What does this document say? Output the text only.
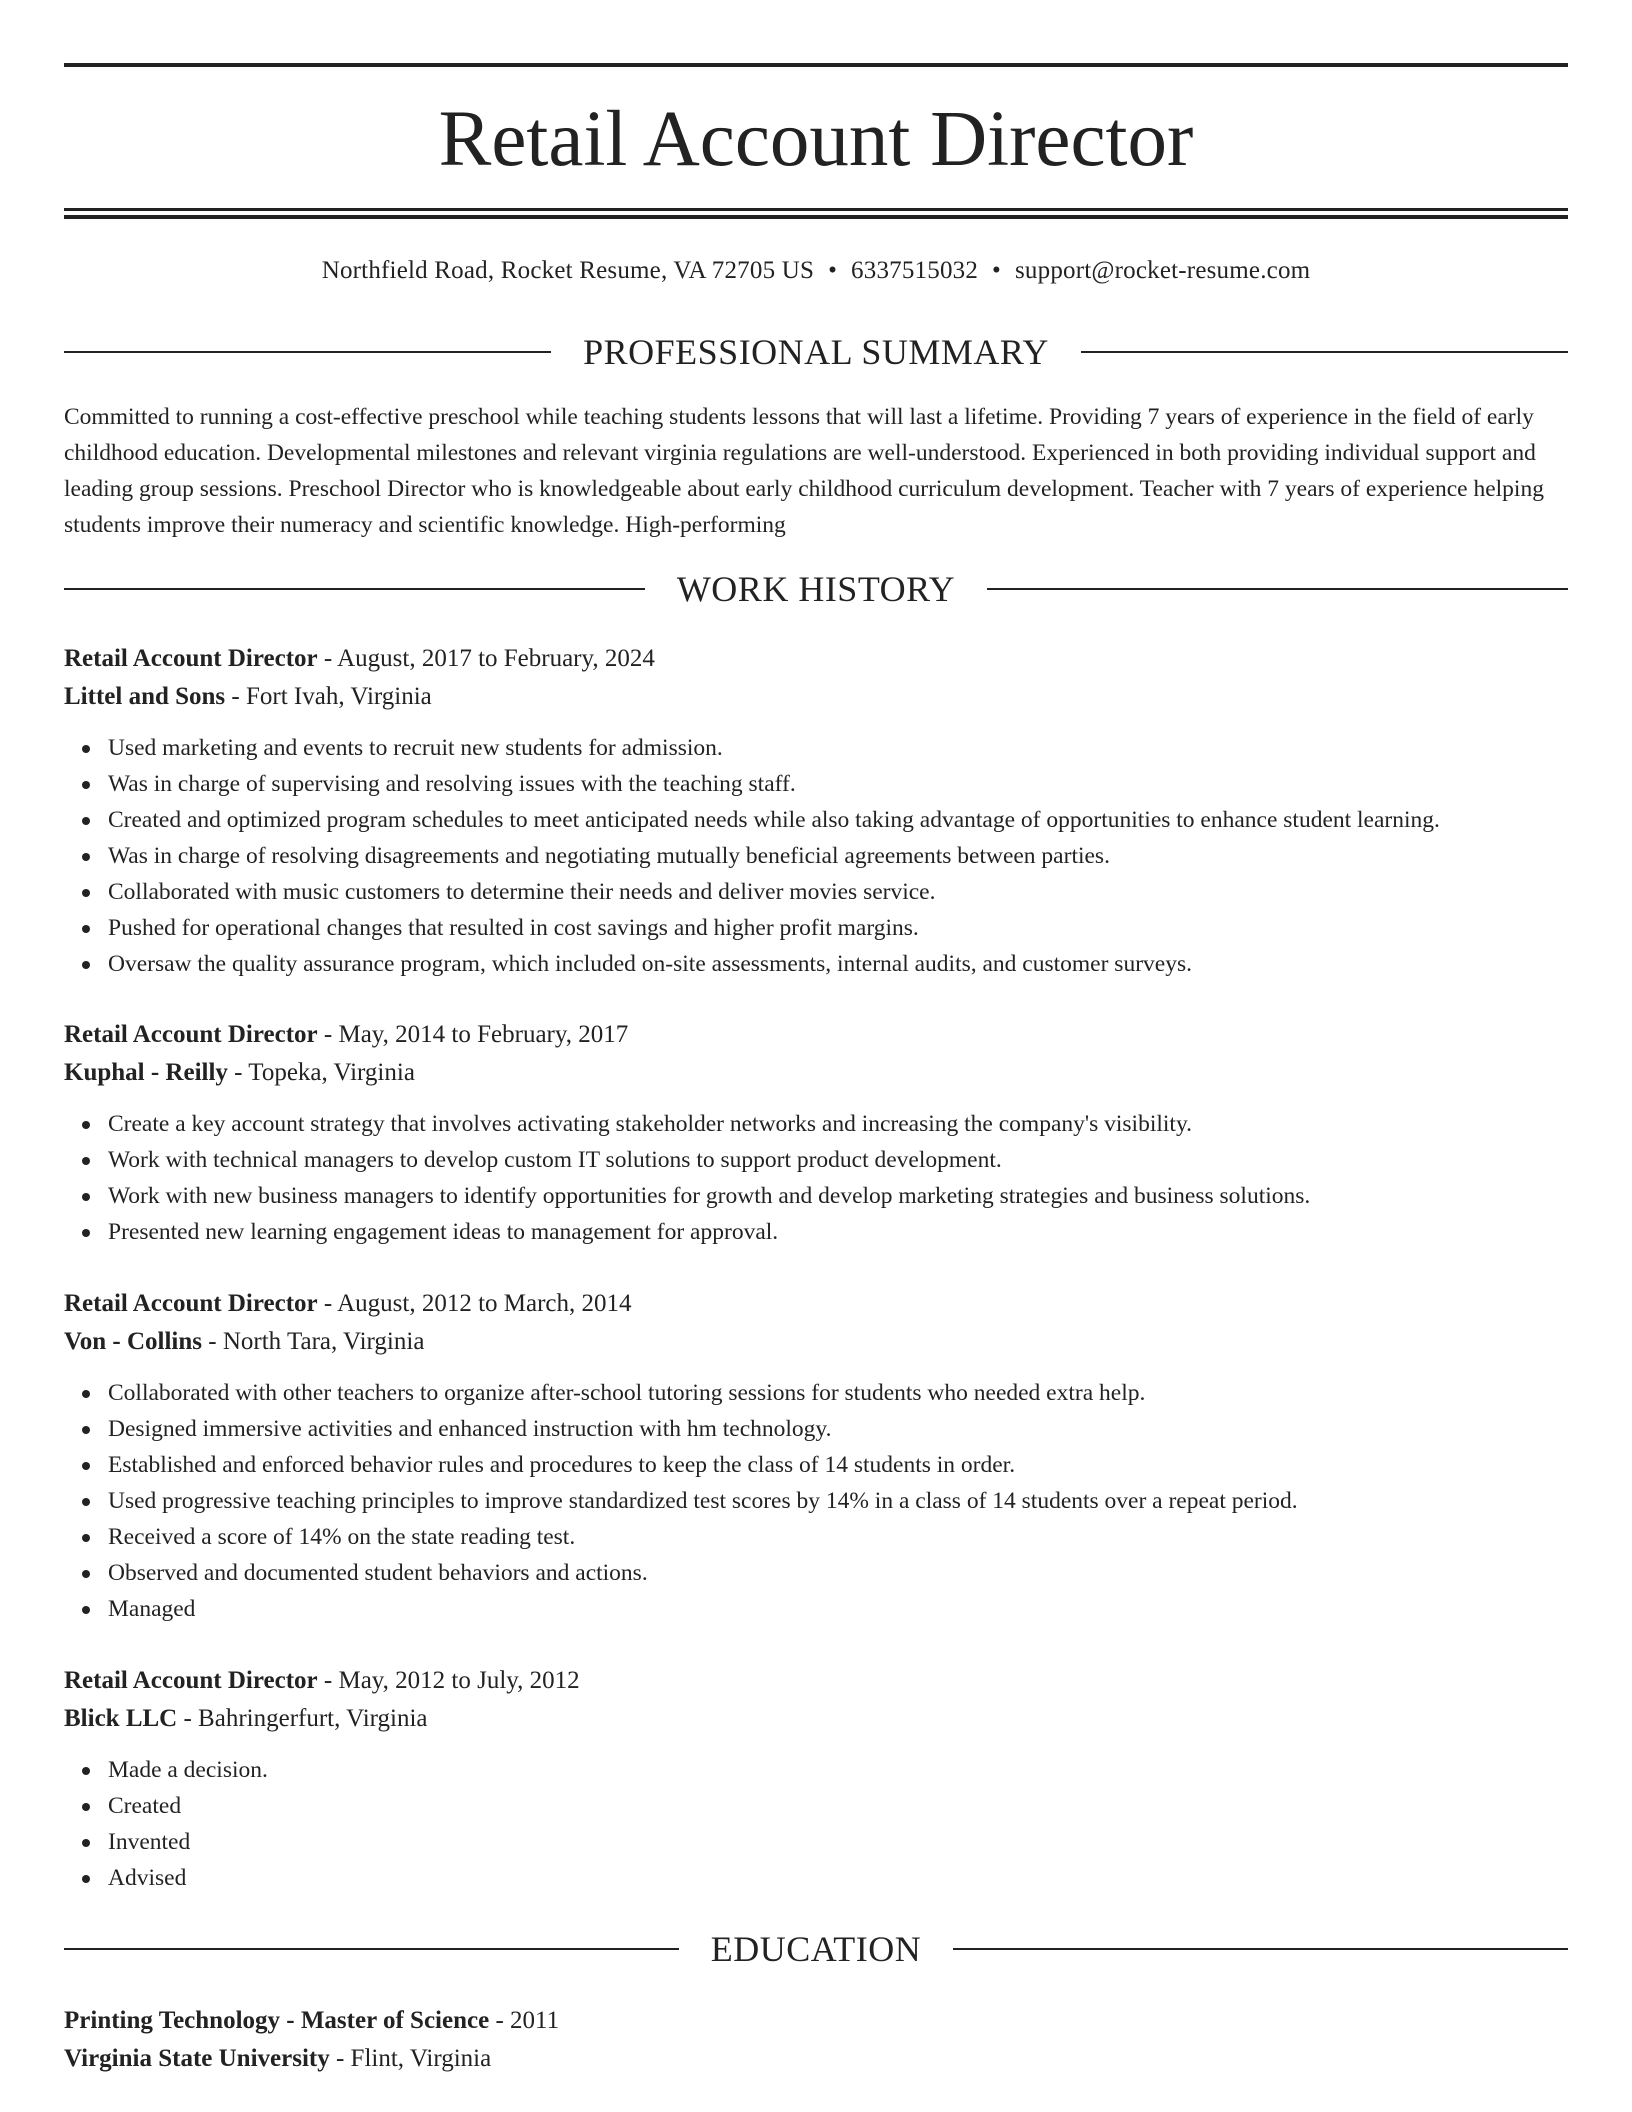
Retail Account Director
Northfield Road, Rocket Resume, VA 72705 US • 6337515032 • support@rocket-resume.com
PROFESSIONAL SUMMARY

Committed to running a cost-effective preschool while teaching students lessons that will last a lifetime. Providing 7 years of experience in the field of early childhood education. Developmental milestones and relevant virginia regulations are well-understood. Experienced in both providing individual support and leading group sessions. Preschool Director who is knowledgeable about early childhood curriculum development. Teacher with 7 years of experience helping students improve their numeracy and scientific knowledge. High-performing

WORK HISTORY
Retail Account Director - August, 2017 to February, 2024
Littel and Sons - Fort Ivah, Virginia
Used marketing and events to recruit new students for admission.
Was in charge of supervising and resolving issues with the teaching staff.
Created and optimized program schedules to meet anticipated needs while also taking advantage of opportunities to enhance student learning.
Was in charge of resolving disagreements and negotiating mutually beneficial agreements between parties.
Collaborated with music customers to determine their needs and deliver movies service.
Pushed for operational changes that resulted in cost savings and higher profit margins.
Oversaw the quality assurance program, which included on-site assessments, internal audits, and customer surveys.
Retail Account Director - May, 2014 to February, 2017
Kuphal - Reilly - Topeka, Virginia
Create a key account strategy that involves activating stakeholder networks and increasing the company's visibility.
Work with technical managers to develop custom IT solutions to support product development.
Work with new business managers to identify opportunities for growth and develop marketing strategies and business solutions.
Presented new learning engagement ideas to management for approval.
Retail Account Director - August, 2012 to March, 2014
Von - Collins - North Tara, Virginia
Collaborated with other teachers to organize after-school tutoring sessions for students who needed extra help.
Designed immersive activities and enhanced instruction with hm technology.
Established and enforced behavior rules and procedures to keep the class of 14 students in order.
Used progressive teaching principles to improve standardized test scores by 14% in a class of 14 students over a repeat period.
Received a score of 14% on the state reading test.
Observed and documented student behaviors and actions.
Managed
Retail Account Director - May, 2012 to July, 2012
Blick LLC - Bahringerfurt, Virginia
Made a decision.
Created
Invented
Advised
EDUCATION
Printing Technology - Master of Science - 2011
Virginia State University - Flint, Virginia
